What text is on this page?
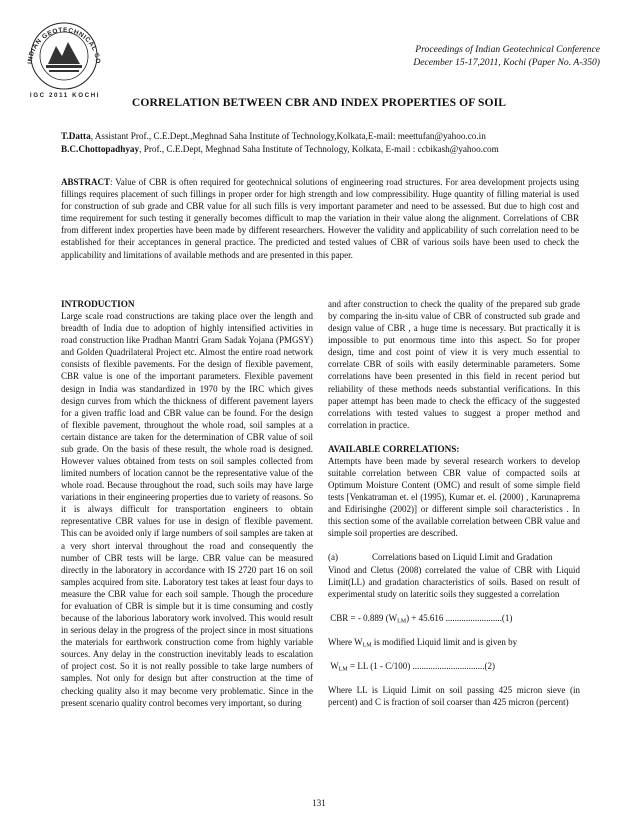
INDIAN GEOTECHNICAL SO
IGC 2011 KOCHI
Proceedings of Indian Geotechnical Conference
December 15-17,2011, Kochi (Paper No. A-350)
CORRELATION BETWEEN CBR AND INDEX PROPERTIES OF SOIL
T.Datta, Assistant Prof., C.E.Dept.,Meghnad Saha Institute of Technology,Kolkata,E-mail: meettufan@yahoo.co.in
B.C.Chottopadhyay, Prof., C.E.Dept, Meghnad Saha Institute of Technology, Kolkata, E-mail : ccbikash@yahoo.com
ABSTRACT: Value of CBR is often required for geotechnical solutions of engineering road structures. For area development projects using fillings requires placement of such fillings in proper order for high strength and low compressibility. Huge quantity of filling material is used for construction of sub grade and CBR value for all such fills is very important parameter and need to be assessed. But due to high cost and time requirement for such testing it generally becomes difficult to map the variation in their value along the alignment. Correlations of CBR from different index properties have been made by different researchers. However the validity and applicability of such correlation need to be established for their acceptances in general practice. The predicted and tested values of CBR of various soils have been used to check the applicability and limitations of available methods and are presented in this paper.

INTRODUCTION

Large scale road constructions are taking place over the length and breadth of India due to adoption of highly intensified activities in road construction like Pradhan Mantri Gram Sadak Yojana (PMGSY) and Golden Quadrilateral Project etc. Almost the entire road network consists of flexible pavements. For the design of flexible pavement, CBR value is one of the important parameters. Flexible pavement design in India was standardized in 1970 by the IRC which gives design curves from which the thickness of different pavement layers for a given traffic load and CBR value can be found. For the design of flexible pavement, throughout the whole road, soil samples at a certain distance are taken for the determination of CBR value of soil sub grade. On the basis of these result, the whole road is designed. However values obtained from tests on soil samples collected from limited numbers of location cannot be the representative value of the whole road. Because throughout the road, such soils may have large variations in their engineering properties due to variety of reasons. So it is always difficult for transportation engineers to obtain representative CBR values for use in design of flexible pavement. This can be avoided only if large numbers of soil samples are taken at a very short interval throughout the road and consequently the number of CBR tests will be large. CBR value can be measured directly in the laboratory in accordance with IS 2720 part 16 on soil samples acquired from site. Laboratory test takes at least four days to measure the CBR value for each soil sample. Though the procedure for evaluation of CBR is simple but it is time consuming and costly because of the laborious laboratory work involved. This would result in serious delay in the progress of the project since in most situations the materials for earthwork construction come from highly variable sources. Any delay in the construction inevitably leads to escalation of project cost. So it is not really possible to take large numbers of samples. Not only for design but after construction at the time of checking quality also it may become very problematic. Since in the present scenario quality control becomes very important, so during

and after construction to check the quality of the prepared sub grade by comparing the in-situ value of CBR of constructed sub grade and design value of CBR , a huge time is necessary. But practically it is impossible to put enormous time into this aspect. So for proper design, time and cost point of view it is very much essential to correlate CBR of soils with easily determinable parameters. Some correlations have been presented in this field in recent period but reliability of these methods needs substantial verifications. In this paper attempt has been made to check the efficacy of the suggested correlations with tested values to suggest a proper method and correlation in practice.

AVAILABLE CORRELATIONS:

Attempts have been made by several research workers to develop suitable correlation between CBR value of compacted soils at Optimum Moisture Content (OMC) and result of some simple field tests [Venkatraman et. el (1995), Kumar et. el. (2000) , Karunaprema and Edirisinghe (2002)] or different simple soil characteristics . In this section some of the available correlation between CBR value and simple soil properties are described.

(a)	Correlations based on Liquid Limit and Gradation

Vinod and Cletus (2008) correlated the value of CBR with Liquid Limit(LL) and gradation characteristics of soils. Based on result of experimental study on lateritic soils they suggested a correlation

CBR = - 0.889 $(W_{LM}) + 45.616$ .........................(1)

Where $W_{LM}$ is modified Liquid limit and is given by

$W_{LM}$ = LL (1 - C/100) ................................(2)

Where LL is Liquid Limit on soil passing 425 micron sieve (in percent) and C is fraction of soil coarser than 425 micron (percent)

131
